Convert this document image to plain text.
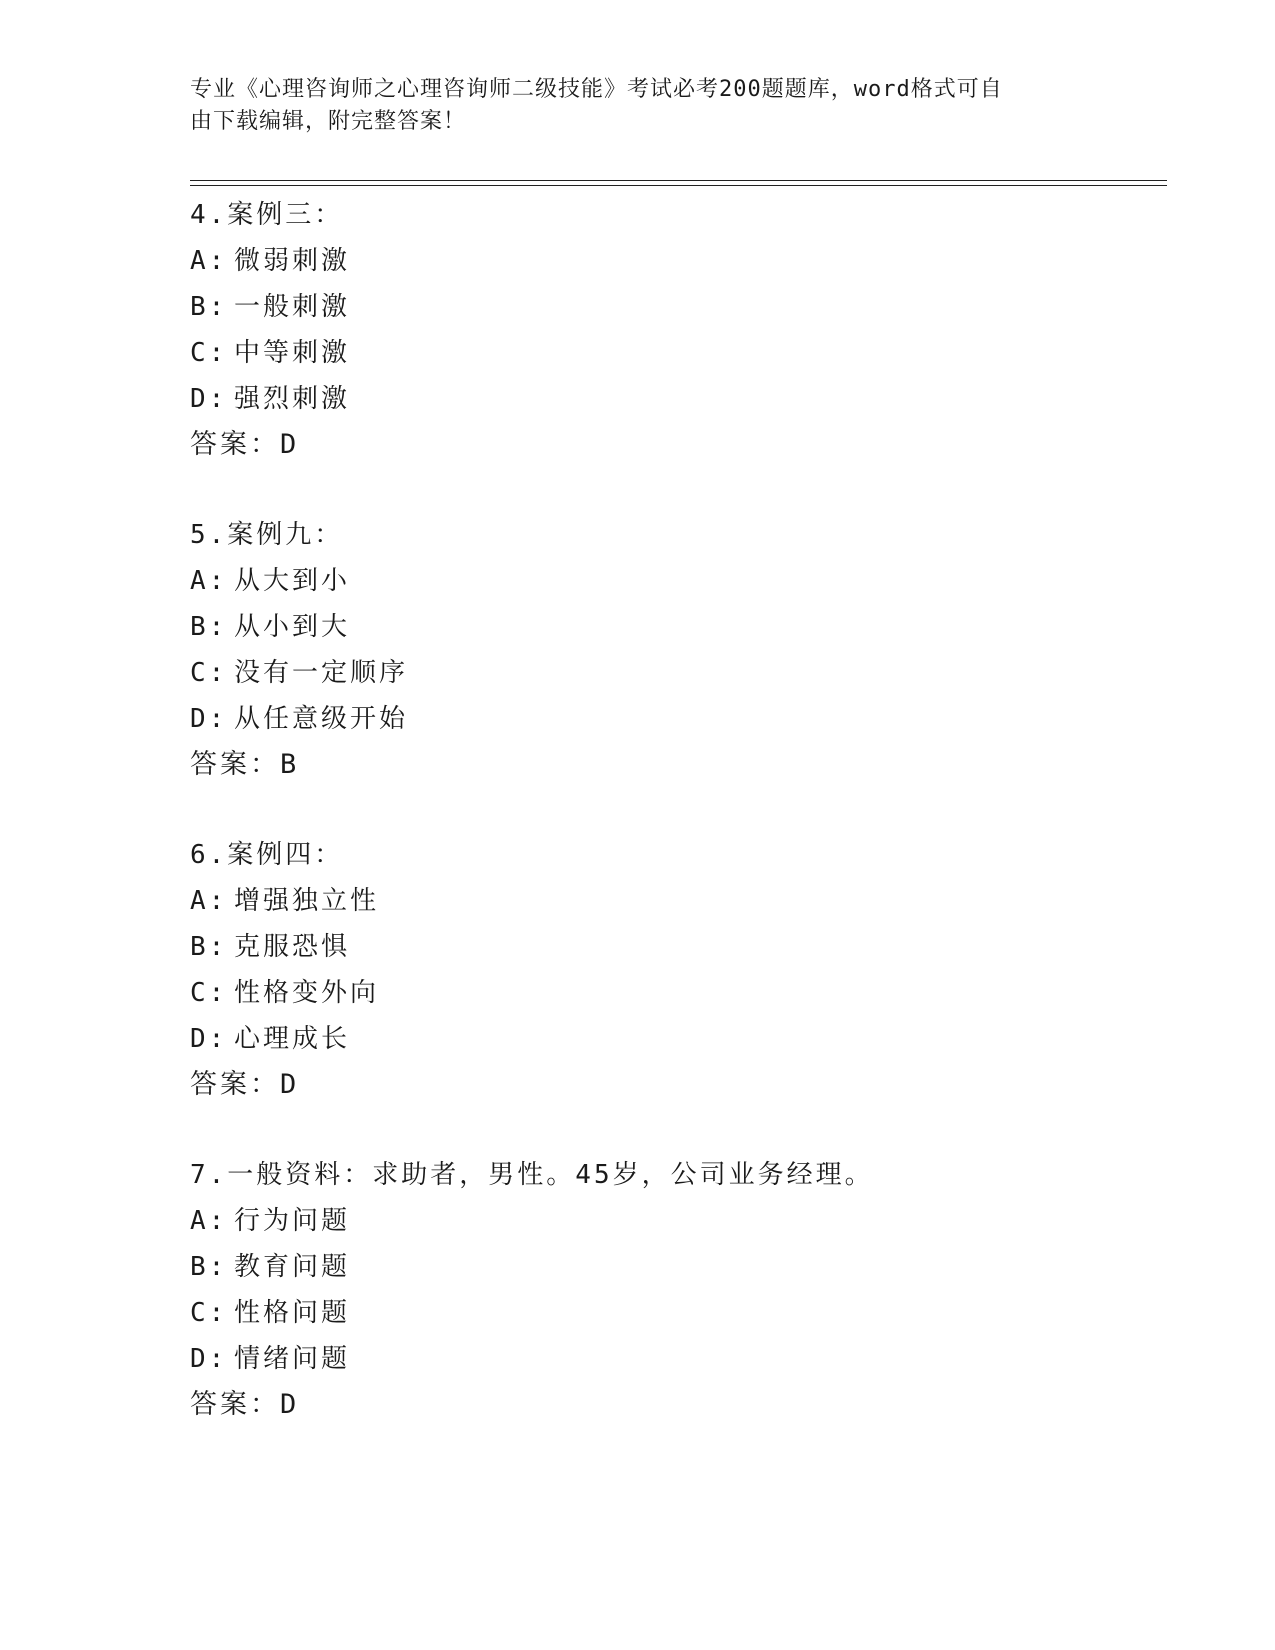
专业《心理咨询师之心理咨询师二级技能》考试必考200题题库，word格式可自
由下载编辑，附完整答案！
4.案例三：
A: 微弱刺激
B: 一般刺激
C: 中等刺激
D: 强烈刺激
答案：D
5.案例九：
A: 从大到小
B: 从小到大
C: 没有一定顺序
D: 从任意级开始
答案：B
6.案例四：
A: 增强独立性
B: 克服恐惧
C: 性格变外向
D: 心理成长
答案：D
7.一般资料：求助者，男性。45岁，公司业务经理。
A: 行为问题
B: 教育问题
C: 性格问题
D: 情绪问题
答案：D
